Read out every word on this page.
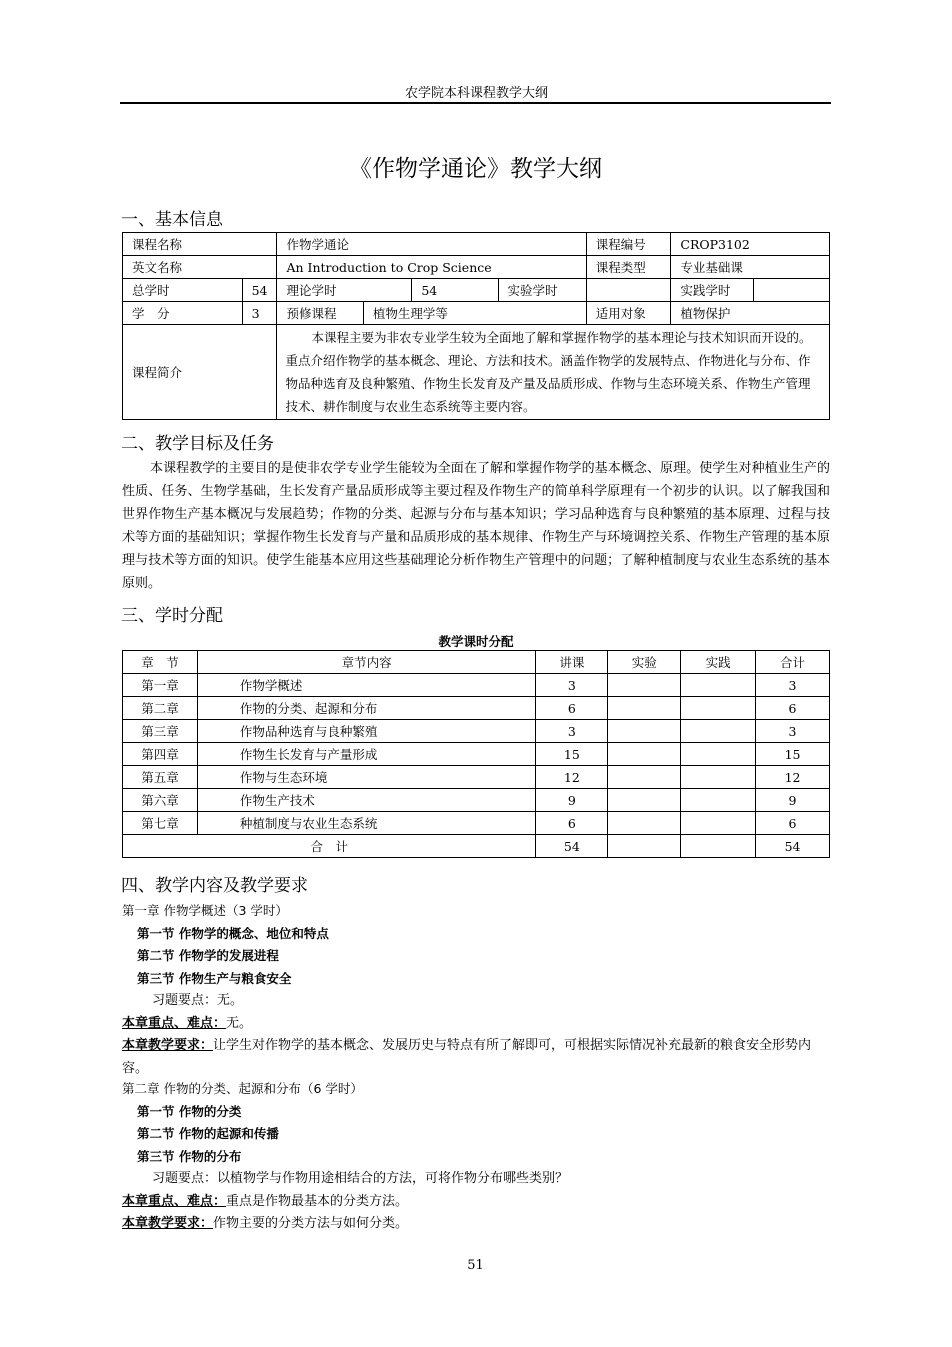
农学院本科课程教学大纲
《作物学通论》教学大纲
一、基本信息
课程名称		作物学通论				课程编号	CROP3102	
英文名称		An Introduction to Crop Science				课程类型	专业基础课	
总学时	54	理论学时		54	实验学时		实践学时	
学　分	3	预修课程	植物生理学等			适用对象	植物保护	
课程简介		本课程主要为非农专业学生较为全面地了解和掌握作物学的基本理论与技术知识而开设的。重点介绍作物学的基本概念、理论、方法和技术。涵盖作物学的发展特点、作物进化与分布、作物品种选育及良种繁殖、作物生长发育及产量及品质形成、作物与生态环境关系、作物生产管理技术、耕作制度与农业生态系统等主要内容。						
二、教学目标及任务
本课程教学的主要目的是使非农学专业学生能较为全面在了解和掌握作物学的基本概念、原理。使学生对种植业生产的性质、任务、生物学基础，生长发育产量品质形成等主要过程及作物生产的简单科学原理有一个初步的认识。以了解我国和世界作物生产基本概况与发展趋势；作物的分类、起源与分布与基本知识；学习品种选育与良种繁殖的基本原理、过程与技术等方面的基础知识；掌握作物生长发育与产量和品质形成的基本规律、作物生产与环境调控关系、作物生产管理的基本原理与技术等方面的知识。使学生能基本应用这些基础理论分析作物生产管理中的问题；了解种植制度与农业生态系统的基本原则。
三、学时分配
教学课时分配
章　节	章节内容	讲课	实验	实践	合计
第一章	作物学概述	3			3
第二章	作物的分类、起源和分布	6			6
第三章	作物品种选育与良种繁殖	3			3
第四章	作物生长发育与产量形成	15			15
第五章	作物与生态环境	12			12
第六章	作物生产技术	9			9
第七章	种植制度与农业生态系统	6			6
合　计		54			54
四、教学内容及教学要求
第一章 作物学概述（3 学时）
第一节 作物学的概念、地位和特点
第二节 作物学的发展进程
第三节 作物生产与粮食安全
习题要点：无。
本章重点、难点：无。
本章教学要求：让学生对作物学的基本概念、发展历史与特点有所了解即可，可根据实际情况补充最新的粮食安全形势内容。
第二章 作物的分类、起源和分布（6 学时）
第一节 作物的分类
第二节 作物的起源和传播
第三节 作物的分布
习题要点：以植物学与作物用途相结合的方法，可将作物分布哪些类别？
本章重点、难点：重点是作物最基本的分类方法。
本章教学要求：作物主要的分类方法与如何分类。
51
